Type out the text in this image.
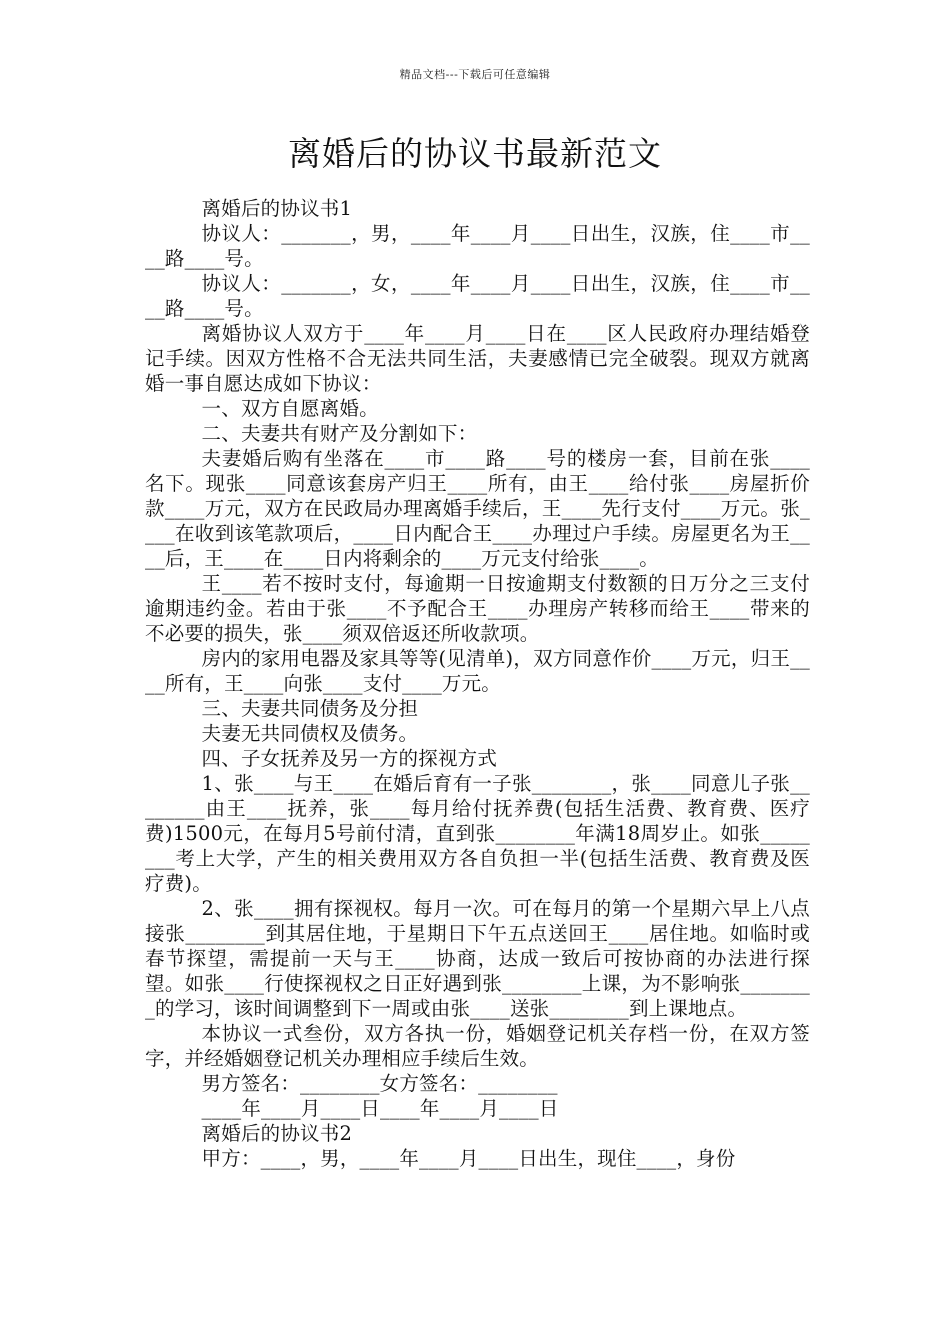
精品文档---下载后可任意编辑
离婚后的协议书最新范文

离婚后的协议书1

协议人：_______，男，____年____月____日出生，汉族，住____市____路____号。

协议人：_______，女，____年____月____日出生，汉族，住____市____路____号。

离婚协议人双方于____年____月____日在____区人民政府办理结婚登记手续。因双方性格不合无法共同生活，夫妻感情已完全破裂。现双方就离婚一事自愿达成如下协议：

一、双方自愿离婚。

二、夫妻共有财产及分割如下：

夫妻婚后购有坐落在____市____路____号的楼房一套，目前在张____名下。现张____同意该套房产归王____所有，由王____给付张____房屋折价款____万元，双方在民政局办理离婚手续后，王____先行支付____万元。张____在收到该笔款项后，____日内配合王____办理过户手续。房屋更名为王____后，王____在____日内将剩余的____万元支付给张____。

王____若不按时支付，每逾期一日按逾期支付数额的日万分之三支付逾期违约金。若由于张____不予配合王____办理房产转移而给王____带来的不必要的损失，张____须双倍返还所收款项。

房内的家用电器及家具等等(见清单)，双方同意作价____万元，归王____所有，王____向张____支付____万元。

三、夫妻共同债务及分担

夫妻无共同债权及债务。

四、子女抚养及另一方的探视方式

1、张____与王____在婚后育有一子张________，张____同意儿子张________由王____抚养，张____每月给付抚养费(包括生活费、教育费、医疗费)1500元，在每月5号前付清，直到张________年满18周岁止。如张________考上大学，产生的相关费用双方各自负担一半(包括生活费、教育费及医疗费)。

2、张____拥有探视权。每月一次。可在每月的第一个星期六早上八点接张________到其居住地，于星期日下午五点送回王____居住地。如临时或春节探望，需提前一天与王____协商，达成一致后可按协商的办法进行探望。如张____行使探视权之日正好遇到张________上课，为不影响张________的学习，该时间调整到下一周或由张____送张________到上课地点。

本协议一式叁份，双方各执一份，婚姻登记机关存档一份，在双方签字，并经婚姻登记机关办理相应手续后生效。

男方签名：________女方签名：________

____年____月____日____年____月____日

离婚后的协议书2

甲方：____，男，____年____月____日出生，现住____，身份
